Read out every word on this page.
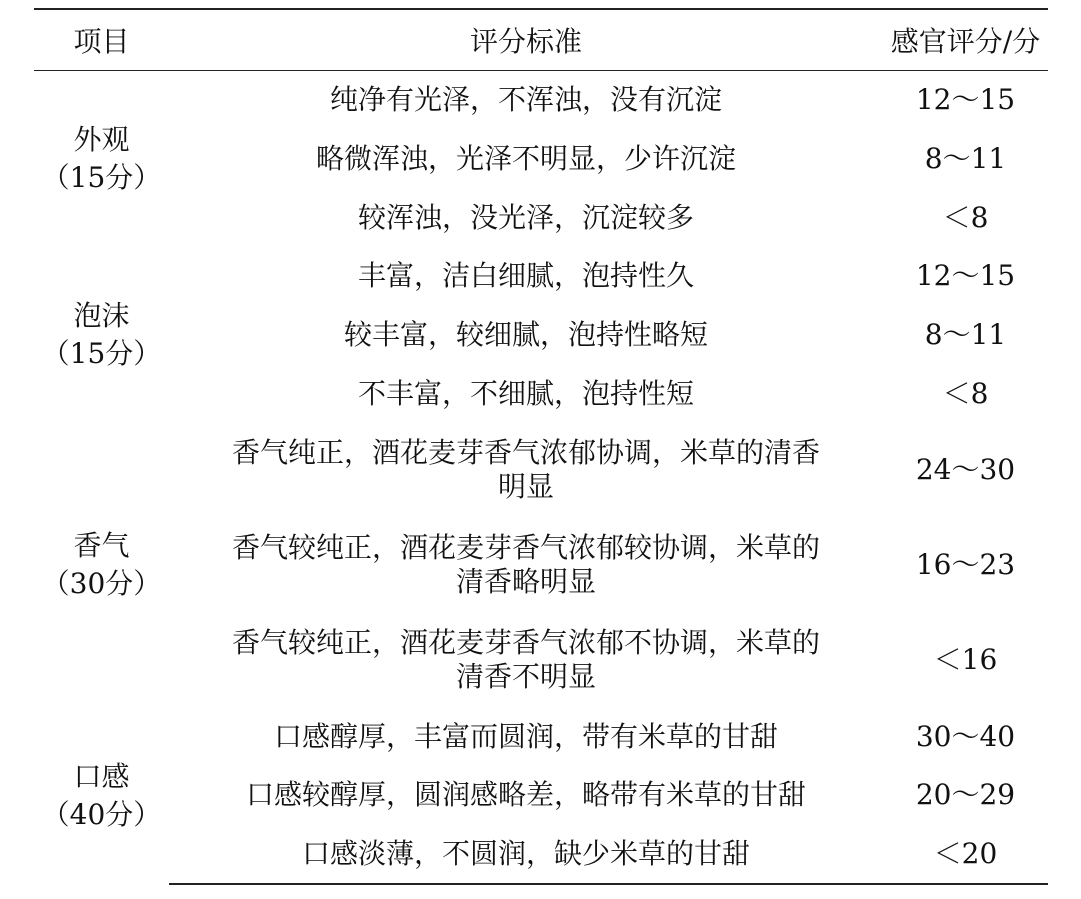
项目	评分标准	感官评分/分

外观
（15分）	纯净有光泽，不浑浊，没有沉淀	12～15
	略微浑浊，光泽不明显，少许沉淀	8～11
	较浑浊，没光泽，沉淀较多	＜8

泡沫
（15分）	丰富，洁白细腻，泡持性久	12～15
	较丰富，较细腻，泡持性略短	8～11
	不丰富，不细腻，泡持性短	＜8

香气
（30分）	香气纯正，酒花麦芽香气浓郁协调，米草的清香
明显	24～30
	香气较纯正，酒花麦芽香气浓郁较协调，米草的
清香略明显	16～23
	香气较纯正，酒花麦芽香气浓郁不协调，米草的
清香不明显	＜16

口感
（40分）	口感醇厚，丰富而圆润，带有米草的甘甜	30～40
	口感较醇厚，圆润感略差，略带有米草的甘甜	20～29
	口感淡薄，不圆润，缺少米草的甘甜	＜20
